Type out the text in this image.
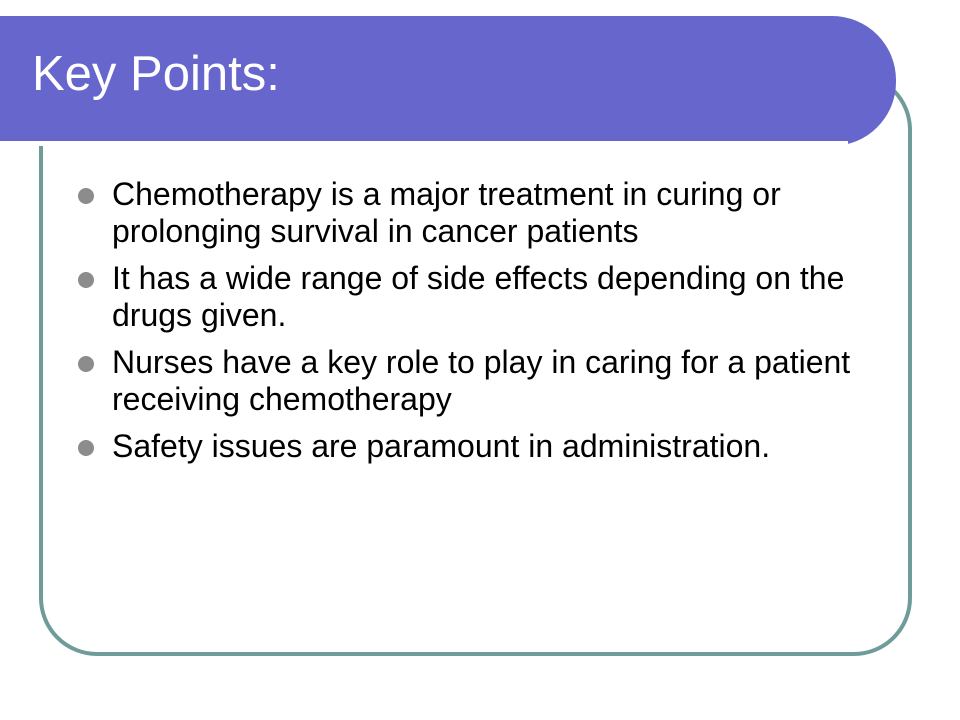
Key Points:
Chemotherapy is a major treatment in curing or prolonging survival in cancer patients
It has a wide range of side effects depending on the drugs given.
Nurses have a key role to play in caring for a patient receiving chemotherapy
Safety issues are paramount in administration.
